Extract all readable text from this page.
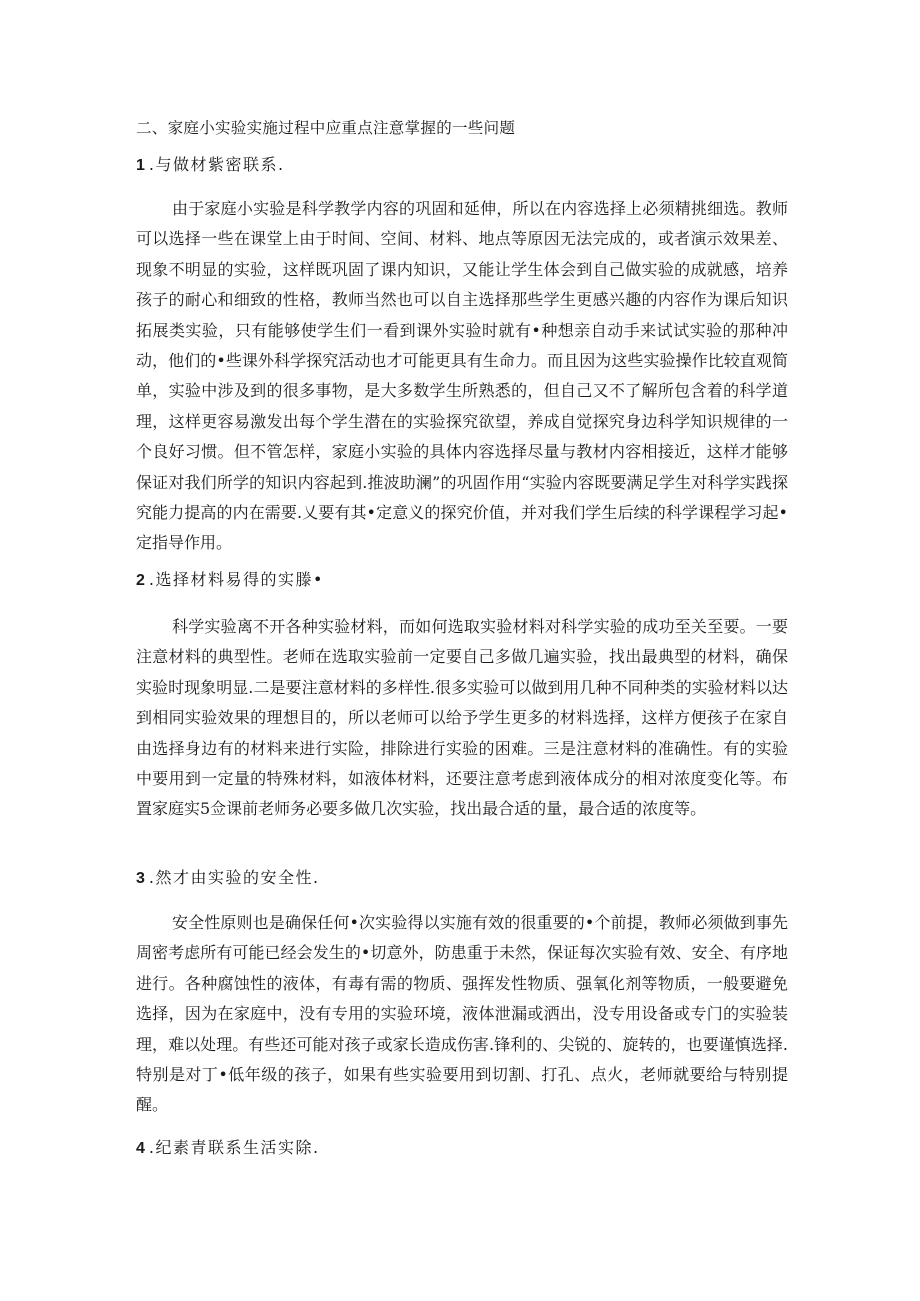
二、家庭小实验实施过程中应重点注意掌握的一些问题
1 .与做材紫密联系.

由于家庭小实验是科学教学内容的巩固和延伸，所以在内容选择上必须精挑细选。教师可以选择一些在课堂上由于时间、空间、材料、地点等原因无法完成的，或者演示效果差、现象不明显的实验，这样既巩固了课内知识，又能让学生体会到自己做实验的成就感，培养孩子的耐心和细致的性格，教师当然也可以自主选择那些学生更感兴趣的内容作为课后知识拓展类实验，只有能够使学生们一看到课外实验时就有•种想亲自动手来试试实验的那种冲动，他们的•些课外科学探究活动也才可能更具有生命力。而且因为这些实验操作比较直观简单，实验中涉及到的很多事物，是大多数学生所熟悉的，但自己又不了解所包含着的科学道理，这样更容易激发出每个学生潜在的实验探究欲望，养成自觉探究身边科学知识规律的一个良好习惯。但不管怎样，家庭小实验的具体内容选择尽量与教材内容相接近，这样才能够保证对我们所学的知识内容起到.推波助澜”的巩固作用“实验内容既要满足学生对科学实践探究能力提高的内在需要.乂要有其•定意义的探究价值，并对我们学生后续的科学课程学习起•定指导作用。

2 .选择材料易得的实滕•

科学实验离不开各种实验材料，而如何选取实验材料对科学实验的成功至关至要。一要注意材料的典型性。老师在选取实验前一定要自己多做几遍实验，找出最典型的材料，确保实验时现象明显.二是要注意材料的多样性.很多实验可以做到用几种不同种类的实验材料以达到相同实验效果的理想目的，所以老师可以给予学生更多的材料选择，这样方便孩子在家自由选择身边有的材料来进行实险，排除进行实验的困难。三是注意材料的准确性。有的实验中要用到一定量的特殊材料，如液体材料，还要注意考虑到液体成分的相对浓度变化等。布置家庭实5佥课前老师务必要多做几次实验，找出最合适的量，最合适的浓度等。

3 .然才由实验的安全性.

安全性原则也是确保任何•次实验得以实施有效的很重要的•个前提，教师必须做到事先周密考虑所有可能已经会发生的•切意外，防患重于未然，保证每次实验有效、安全、有序地进行。各种腐蚀性的液体，有毒有需的物质、强挥发性物质、强氧化剂等物质，一般要避免选择，因为在家庭中，没有专用的实验环境，液体泄漏或洒出，没专用设备或专门的实验装理，难以处理。有些还可能对孩子或家长造成伤害.锋利的、尖锐的、旋转的，也要谨慎选择.特别是对丁•低年级的孩子，如果有些实验要用到切割、打孔、点火，老师就要给与特别提醒。

4 .纪素青联系生活实除.
